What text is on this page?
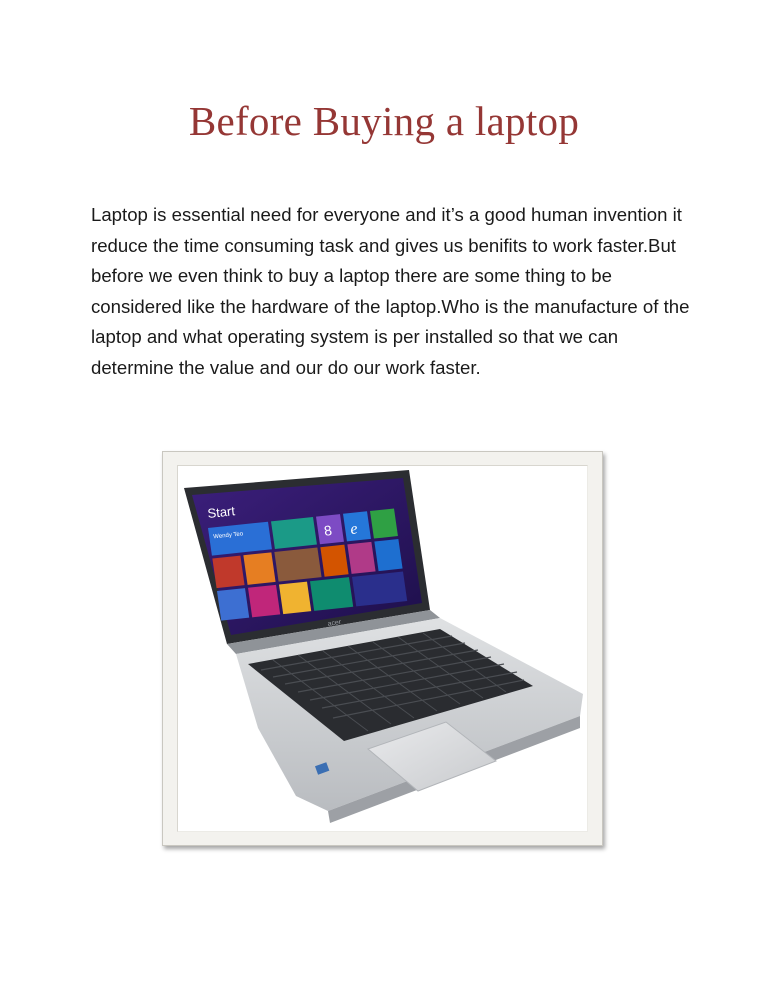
Before Buying a laptop

Laptop is essential need for everyone and it’s a good human invention it reduce the time consuming task and gives us benifits to work faster.But before we even think to buy a laptop there are some thing to be considered like the hardware of the laptop.Who is the manufacture of the laptop and what operating system is per installed so that we can determine the value and our do our work faster.

Start
Wendy Teo	8 e
acer
